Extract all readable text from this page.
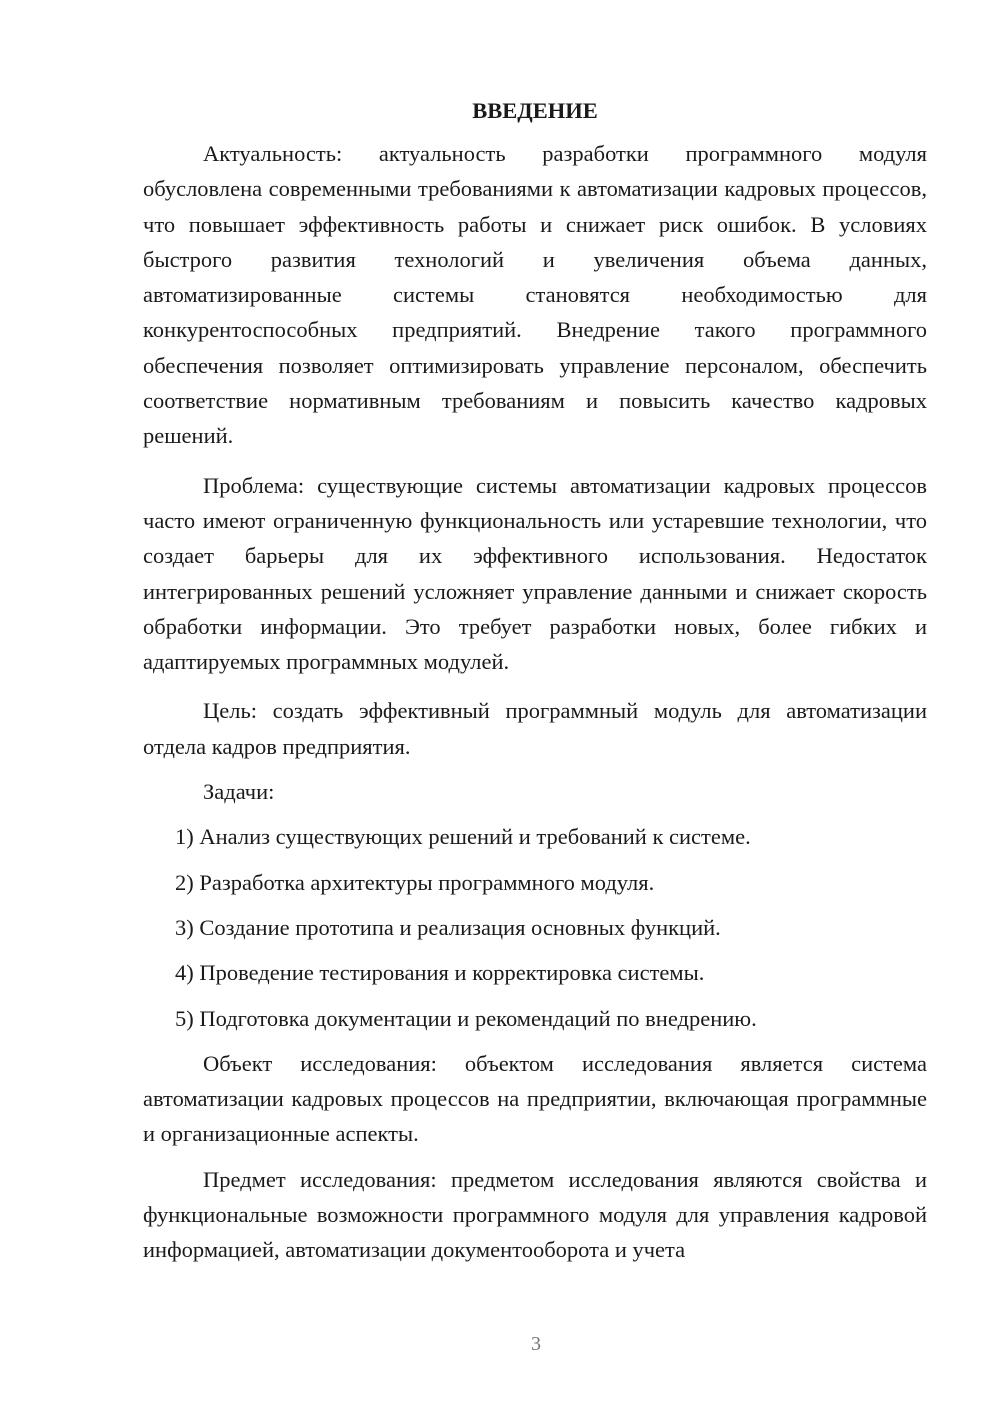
ВВЕДЕНИЕ

Актуальность: актуальность разработки программного модуля обусловлена современными требованиями к автоматизации кадровых процессов, что повышает эффективность работы и снижает риск ошибок. В условиях быстрого развития технологий и увеличения объема данных, автоматизированные системы становятся необходимостью для конкурентоспособных предприятий. Внедрение такого программного обеспечения позволяет оптимизировать управление персоналом, обеспечить соответствие нормативным требованиям и повысить качество кадровых решений.

Проблема: существующие системы автоматизации кадровых процессов часто имеют ограниченную функциональность или устаревшие технологии, что создает барьеры для их эффективного использования. Недостаток интегрированных решений усложняет управление данными и снижает скорость обработки информации. Это требует разработки новых, более гибких и адаптируемых программных модулей.

Цель: создать эффективный программный модуль для автоматизации отдела кадров предприятия.

Задачи:

1) Анализ существующих решений и требований к системе.

2) Разработка архитектуры программного модуля.

3) Создание прототипа и реализация основных функций.

4) Проведение тестирования и корректировка системы.

5) Подготовка документации и рекомендаций по внедрению.

Объект исследования: объектом исследования является система автоматизации кадровых процессов на предприятии, включающая программные и организационные аспекты.

Предмет исследования: предметом исследования являются свойства и функциональные возможности программного модуля для управления кадровой информацией, автоматизации документооборота и учета

3
